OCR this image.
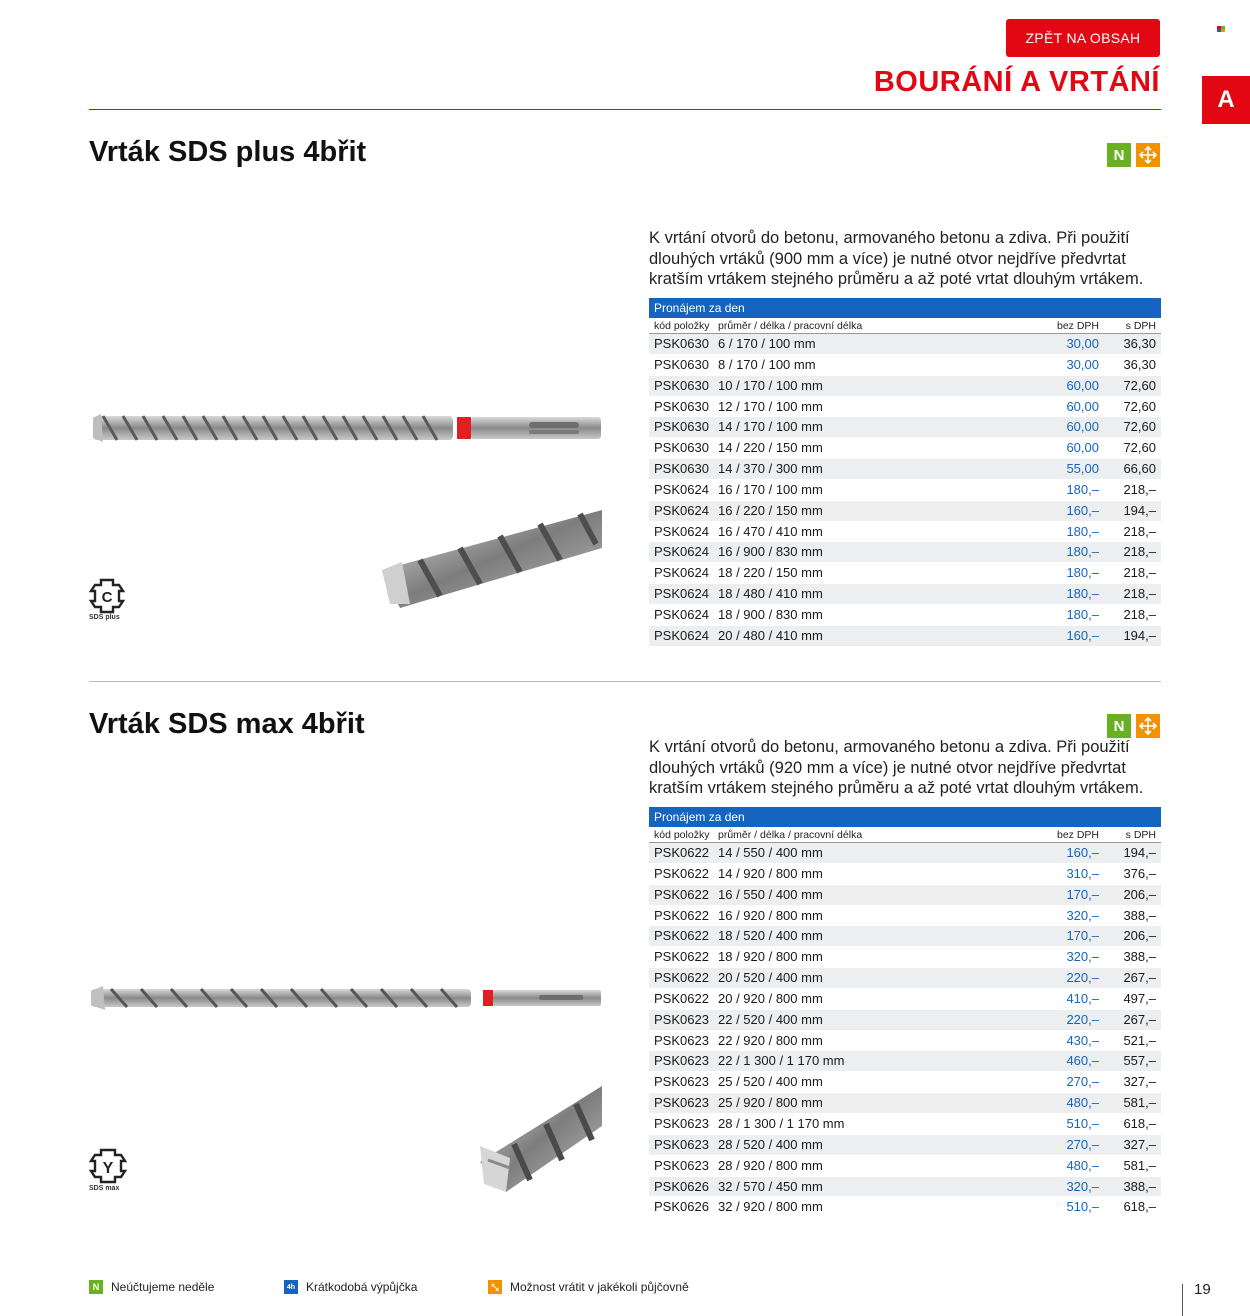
ZPĚT NA OBSAH
BOURÁNÍ A VRTÁNÍ
A
Vrták SDS plus 4břit	N
K vrtání otvorů do betonu, armovaného betonu a zdiva. Při použití dlouhých vrtáků (900 mm a více) je nutné otvor nejdříve předvrtat kratším vrtákem stejného průměru a až poté vrtat dlouhým vrtákem.
C
SDS plus
Pronájem za den
kód položky průměr / délka / pracovní délka	bez DPH	s DPH
PSK0630 6 / 170 / 100 mm	30,00	36,30
PSK0630 8 / 170 / 100 mm	30,00	36,30
PSK0630 10 / 170 / 100 mm	60,00	72,60
PSK0630 12 / 170 / 100 mm	60,00	72,60
PSK0630 14 / 170 / 100 mm	60,00	72,60
PSK0630 14 / 220 / 150 mm	60,00	72,60
PSK0630 14 / 370 / 300 mm	55,00	66,60
PSK0624 16 / 170 / 100 mm	180,–	218,–
PSK0624 16 / 220 / 150 mm	160,–	194,–
PSK0624 16 / 470 / 410 mm	180,–	218,–
PSK0624 16 / 900 / 830 mm	180,–	218,–
PSK0624 18 / 220 / 150 mm	180,–	218,–
PSK0624 18 / 480 / 410 mm	180,–	218,–
PSK0624 18 / 900 / 830 mm	180,–	218,–
PSK0624 20 / 480 / 410 mm	160,–	194,–
Vrták SDS max 4břit	N
K vrtání otvorů do betonu, armovaného betonu a zdiva. Při použití dlouhých vrtáků (920 mm a více) je nutné otvor nejdříve předvrtat kratším vrtákem stejného průměru a až poté vrtat dlouhým vrtákem.
Y
SDS max
Pronájem za den
kód položky průměr / délka / pracovní délka	bez DPH	s DPH
PSK0622 14 / 550 / 400 mm	160,–	194,–
PSK0622 14 / 920 / 800 mm	310,–	376,–
PSK0622 16 / 550 / 400 mm	170,–	206,–
PSK0622 16 / 920 / 800 mm	320,–	388,–
PSK0622 18 / 520 / 400 mm	170,–	206,–
PSK0622 18 / 920 / 800 mm	320,–	388,–
PSK0622 20 / 520 / 400 mm	220,–	267,–
PSK0622 20 / 920 / 800 mm	410,–	497,–
PSK0623 22 / 520 / 400 mm	220,–	267,–
PSK0623 22 / 920 / 800 mm	430,–	521,–
PSK0623 22 / 1 300 / 1 170 mm	460,–	557,–
PSK0623 25 / 520 / 400 mm	270,–	327,–
PSK0623 25 / 920 / 800 mm	480,–	581,–
PSK0623 28 / 1 300 / 1 170 mm	510,–	618,–
PSK0623 28 / 520 / 400 mm	270,–	327,–
PSK0623 28 / 920 / 800 mm	480,–	581,–
PSK0626 32 / 570 / 450 mm	320,–	388,–
PSK0626 32 / 920 / 800 mm	510,–	618,–
N Neúčtujeme neděle	4h Krátkodobá výpůjčka	⤡ Možnost vrátit v jakékoli půjčovně	19
